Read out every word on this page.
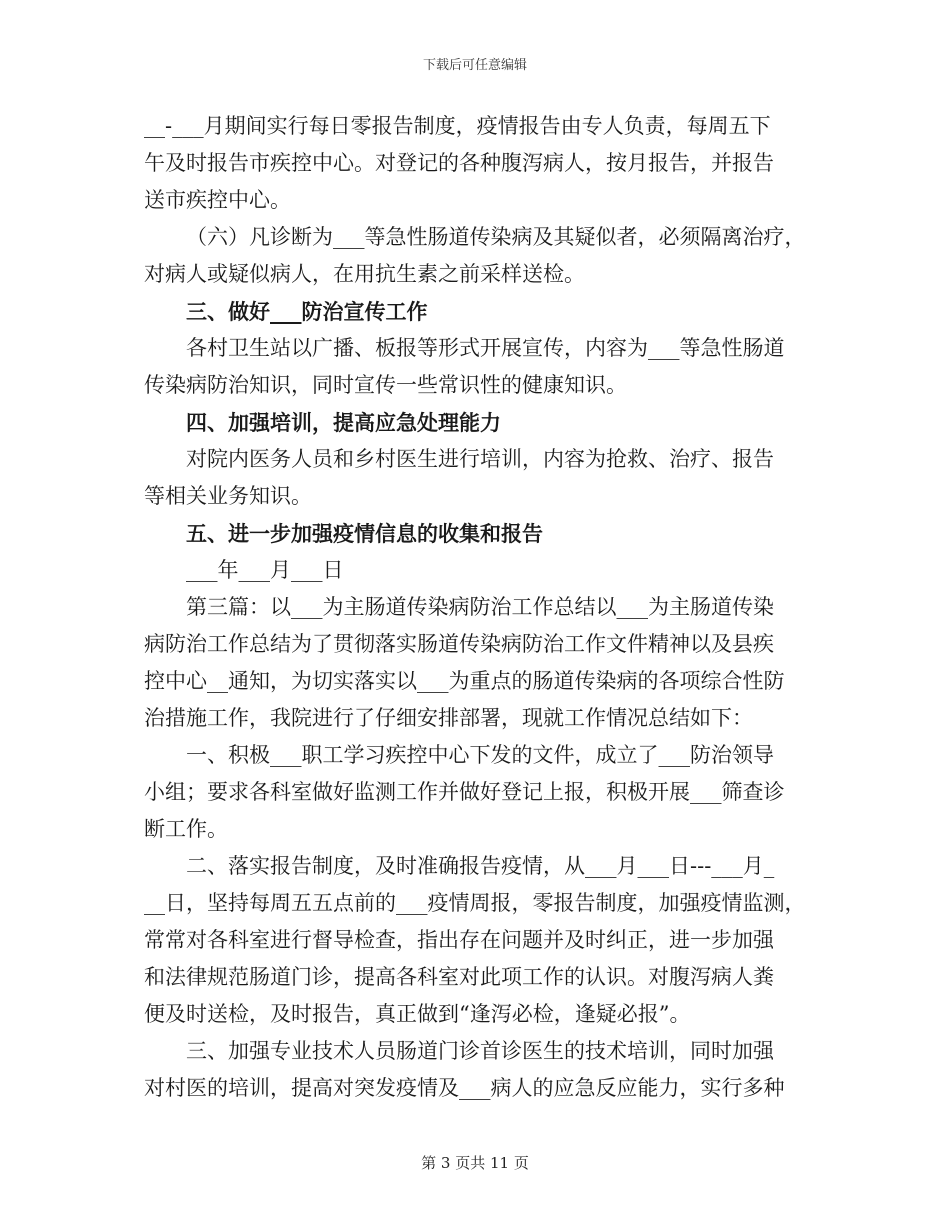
下载后可任意编辑
__-___月期间实行每日零报告制度，疫情报告由专人负责，每周五下
午及时报告市疾控中心。对登记的各种腹泻病人，按月报告，并报告
送市疾控中心。
（六）凡诊断为___等急性肠道传染病及其疑似者，必须隔离治疗，
对病人或疑似病人，在用抗生素之前采样送检。
三、做好___防治宣传工作
各村卫生站以广播、板报等形式开展宣传，内容为___等急性肠道
传染病防治知识，同时宣传一些常识性的健康知识。
四、加强培训，提高应急处理能力
对院内医务人员和乡村医生进行培训，内容为抢救、治疗、报告
等相关业务知识。
五、进一步加强疫情信息的收集和报告
___年___月___日
第三篇：以___为主肠道传染病防治工作总结以___为主肠道传染
病防治工作总结为了贯彻落实肠道传染病防治工作文件精神以及县疾
控中心__通知，为切实落实以___为重点的肠道传染病的各项综合性防
治措施工作，我院进行了仔细安排部署，现就工作情况总结如下：
一、积极___职工学习疾控中心下发的文件，成立了___防治领导
小组；要求各科室做好监测工作并做好登记上报，积极开展___筛查诊
断工作。
二、落实报告制度，及时准确报告疫情，从___月___日---___月_
__日，坚持每周五五点前的___疫情周报，零报告制度，加强疫情监测，
常常对各科室进行督导检查，指出存在问题并及时纠正，进一步加强
和法律规范肠道门诊，提高各科室对此项工作的认识。对腹泻病人粪
便及时送检，及时报告，真正做到“逢泻必检，逢疑必报”。
三、加强专业技术人员肠道门诊首诊医生的技术培训，同时加强
对村医的培训，提高对突发疫情及___病人的应急反应能力，实行多种
第 3 页共 11 页
